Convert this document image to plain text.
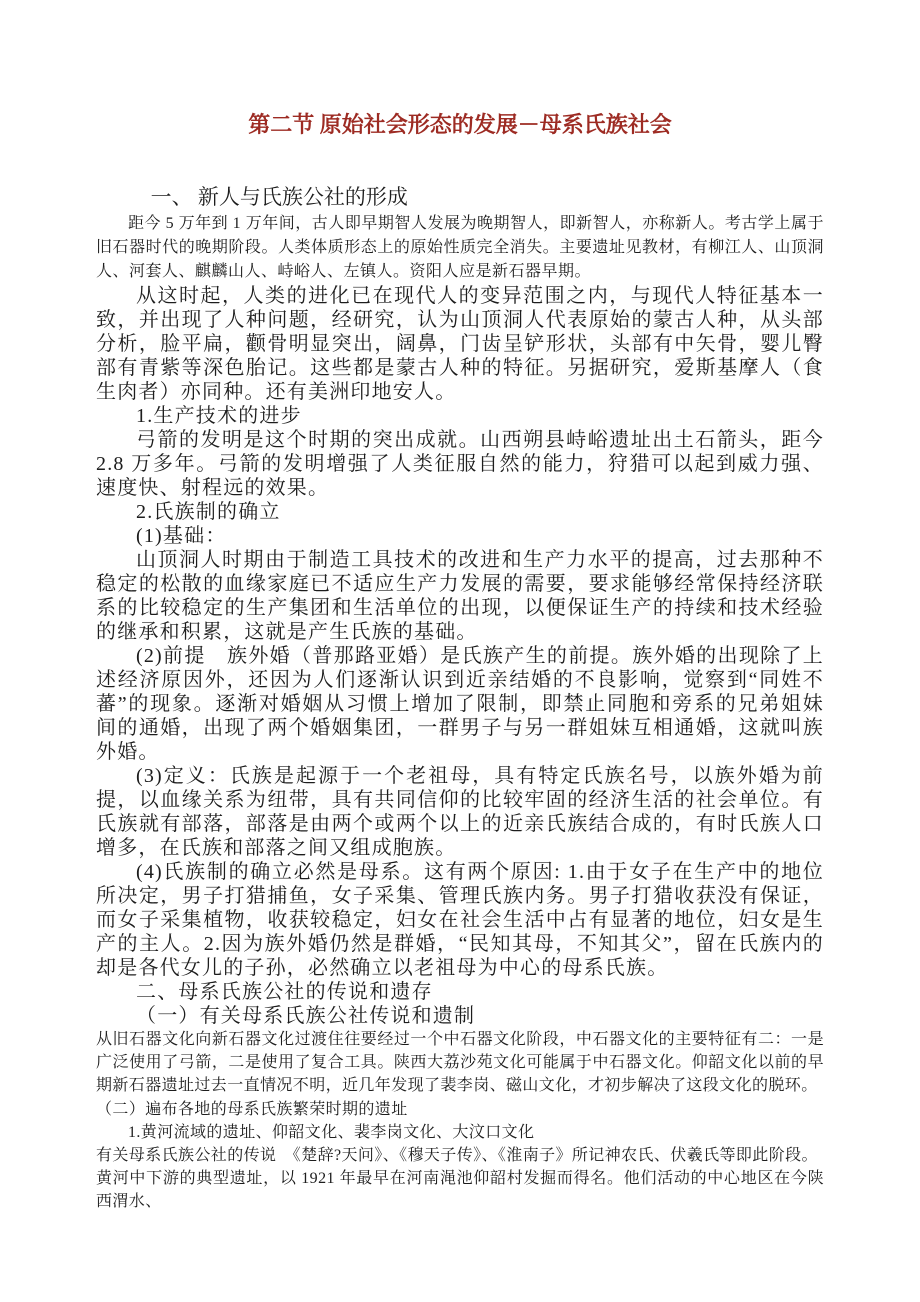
第二节 原始社会形态的发展－母系氏族社会
一、 新人与氏族公社的形成

距今 5 万年到 1 万年间，古人即早期智人发展为晚期智人，即新智人，亦称新人。考古学上属于旧石器时代的晚期阶段。人类体质形态上的原始性质完全消失。主要遗址见教材，有柳江人、山顶洞人、河套人、麒麟山人、峙峪人、左镇人。资阳人应是新石器早期。

从这时起，人类的进化已在现代人的变异范围之内，与现代人特征基本一致，并出现了人种问题，经研究，认为山顶洞人代表原始的蒙古人种，从头部分析，脸平扁，颧骨明显突出，阔鼻，门齿呈铲形状，头部有中矢骨，婴儿臀部有青紫等深色胎记。这些都是蒙古人种的特征。另据研究，爱斯基摩人（食生肉者）亦同种。还有美洲印地安人。

1.生产技术的进步

弓箭的发明是这个时期的突出成就。山西朔县峙峪遗址出土石箭头，距今 2.8 万多年。弓箭的发明增强了人类征服自然的能力，狩猎可以起到威力强、速度快、射程远的效果。

2.氏族制的确立

(1)基础：

山顶洞人时期由于制造工具技术的改进和生产力水平的提高，过去那种不稳定的松散的血缘家庭已不适应生产力发展的需要，要求能够经常保持经济联系的比较稳定的生产集团和生活单位的出现，以便保证生产的持续和技术经验的继承和积累，这就是产生氏族的基础。

(2)前提　族外婚（普那路亚婚）是氏族产生的前提。族外婚的出现除了上述经济原因外，还因为人们逐渐认识到近亲结婚的不良影响，觉察到“同姓不蕃”的现象。逐渐对婚姻从习惯上增加了限制，即禁止同胞和旁系的兄弟姐妹间的通婚，出现了两个婚姻集团，一群男子与另一群姐妹互相通婚，这就叫族外婚。

(3)定义：氏族是起源于一个老祖母，具有特定氏族名号，以族外婚为前提，以血缘关系为纽带，具有共同信仰的比较牢固的经济生活的社会单位。有氏族就有部落，部落是由两个或两个以上的近亲氏族结合成的，有时氏族人口增多，在氏族和部落之间又组成胞族。

(4)氏族制的确立必然是母系。这有两个原因: 1.由于女子在生产中的地位所决定，男子打猎捕鱼，女子采集、管理氏族内务。男子打猎收获没有保证，而女子采集植物，收获较稳定，妇女在社会生活中占有显著的地位，妇女是生产的主人。2.因为族外婚仍然是群婚，“民知其母，不知其父”，留在氏族内的却是各代女儿的子孙，必然确立以老祖母为中心的母系氏族。

二、母系氏族公社的传说和遗存

（一）有关母系氏族公社传说和遗制

从旧石器文化向新石器文化过渡住往要经过一个中石器文化阶段，中石器文化的主要特征有二：一是广泛使用了弓箭，二是使用了复合工具。陕西大荔沙苑文化可能属于中石器文化。仰韶文化以前的早期新石器遗址过去一直情况不明，近几年发现了裴李岗、磁山文化，才初步解决了这段文化的脱环。

（二）遍布各地的母系氏族繁荣时期的遗址

1.黄河流域的遗址、仰韶文化、裴李岗文化、大汶口文化

有关母系氏族公社的传说　《楚辞?天问》、《穆天子传》、《淮南子》所记神农氏、伏羲氏等即此阶段。

黄河中下游的典型遗址，以 1921 年最早在河南渑池仰韶村发掘而得名。他们活动的中心地区在今陕西渭水、
